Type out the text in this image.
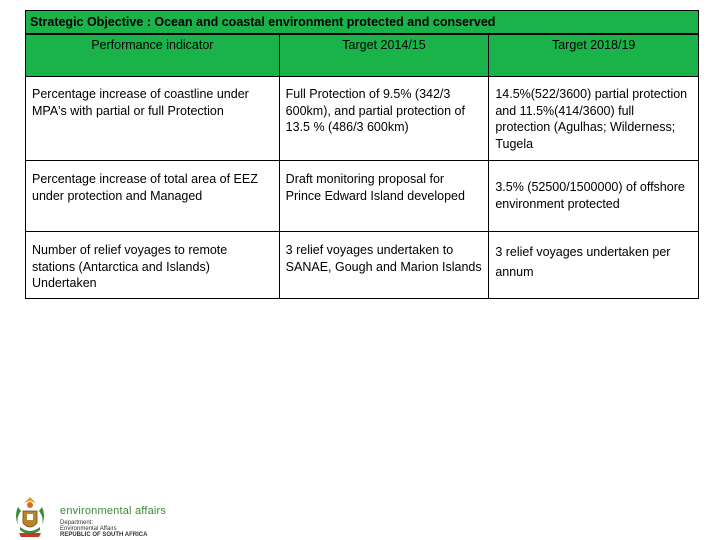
Strategic Objective : Ocean and coastal environment protected and conserved		
Performance indicator	Target 2014/15	Target 2018/19
Percentage increase of coastline under MPA's with partial or full Protection	Full Protection of 9.5% (342/3 600km), and partial protection of 13.5 % (486/3 600km)	14.5%(522/3600) partial protection and 11.5%(414/3600) full protection (Agulhas; Wilderness; Tugela
Percentage increase of total area of EEZ under protection and Managed	Draft monitoring proposal for Prince Edward Island developed	3.5% (52500/1500000) of offshore environment protected
Number of relief voyages to remote stations (Antarctica and Islands) Undertaken	3 relief voyages undertaken to SANAE, Gough and Marion Islands	3 relief voyages undertaken per annum
environmental affairs
Department:
Environmental Affairs
REPUBLIC OF SOUTH AFRICA
